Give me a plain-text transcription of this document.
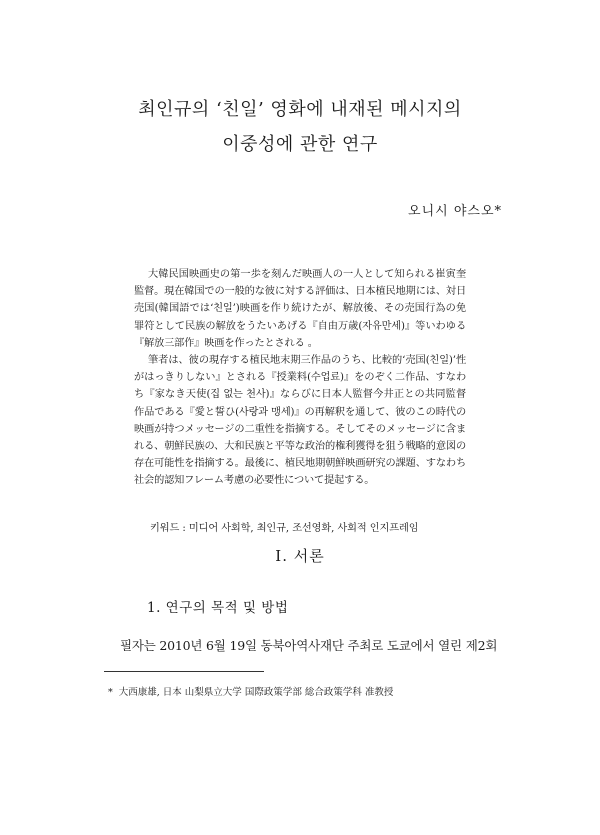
최인규의 ‘친일’ 영화에 내재된 메시지의
이중성에 관한 연구
오니시 야스오*

大韓民国映画史の第一歩を刻んだ映画人の一人として知られる崔寅奎監督。現在韓国での一般的な彼に対する評価は、日本植民地期には、対日売国(韓国語では‘친일’)映画を作り続けたが、解放後、その売国行為の免罪符として民族の解放をうたいあげる『自由万歳(자유만세)』等いわゆる『解放三部作』映画を作ったとされる 。

筆者は、彼の現存する植民地末期三作品のうち、比較的‘売国(친일)’性がはっきりしない』とされる『授業料(수업료)』をのぞく二作品、すなわち『家なき天使(집 없는 천사)』ならびに日本人監督今井正との共同監督作品である『愛と誓ひ(사랑과 맹세)』の再解釈を通して、彼のこの時代の映画が持つメッセージの二重性を指摘する。そしてそのメッセージに含まれる、朝鮮民族の、大和民族と平等な政治的権利獲得を狙う戦略的意図の存在可能性を指摘する。最後に、植民地期朝鮮映画研究の課題、すなわち社会的認知フレーム考慮の必要性について提起する。

키워드 : 미디어 사회학, 최인규, 조선영화, 사회적 인지프레임
Ⅰ. 서론
1. 연구의 목적 및 방법
필자는 2010년 6월 19일 동북아역사재단 주최로 도쿄에서 열린 제2회
* 大西康雄, 日本 山梨県立大学 国際政策学部 総合政策学科 准教授
